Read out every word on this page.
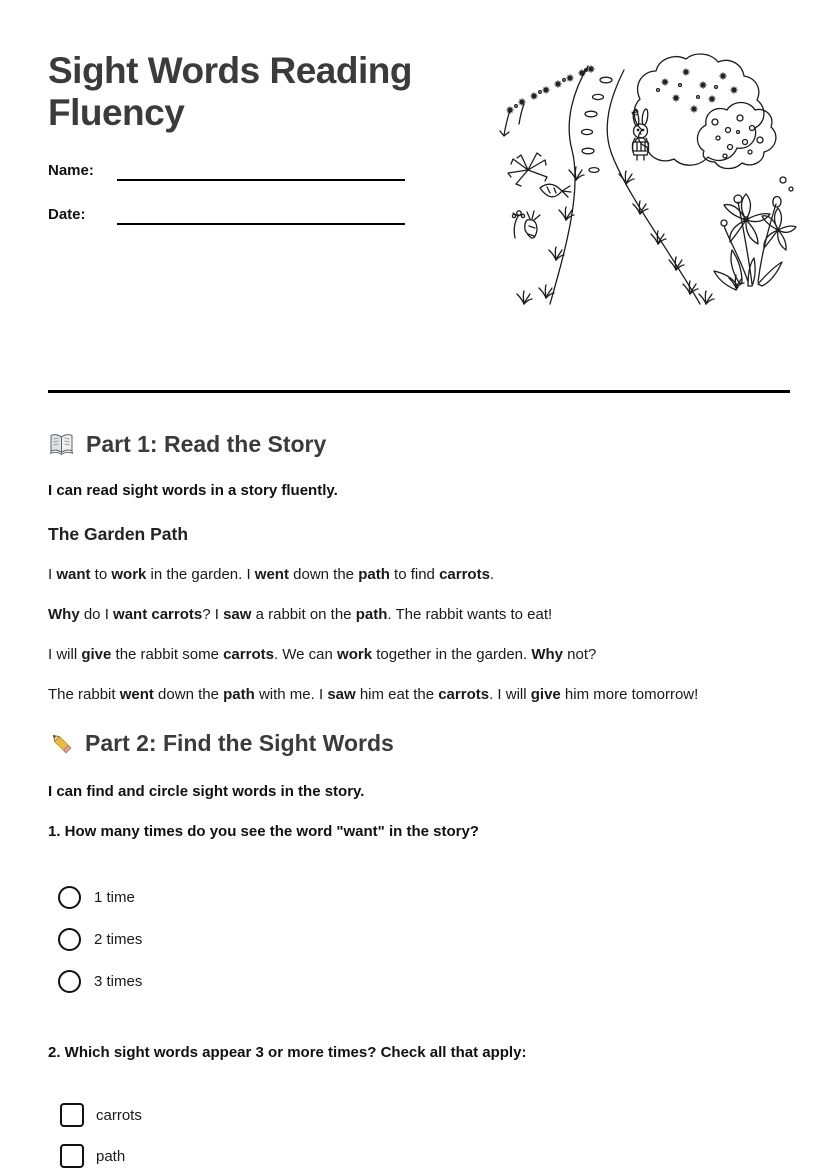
Sight Words Reading Fluency
Name:
Date:
Part 1: Read the Story

I can read sight words in a story fluently.

The Garden Path

I want to work in the garden. I went down the path to find carrots.

Why do I want carrots? I saw a rabbit on the path. The rabbit wants to eat!

I will give the rabbit some carrots. We can work together in the garden. Why not?

The rabbit went down the path with me. I saw him eat the carrots. I will give him more tomorrow!

Part 2: Find the Sight Words

I can find and circle sight words in the story.

1. How many times do you see the word "want" in the story?

1 time
2 times
3 times

2. Which sight words appear 3 or more times? Check all that apply:

carrots
path
